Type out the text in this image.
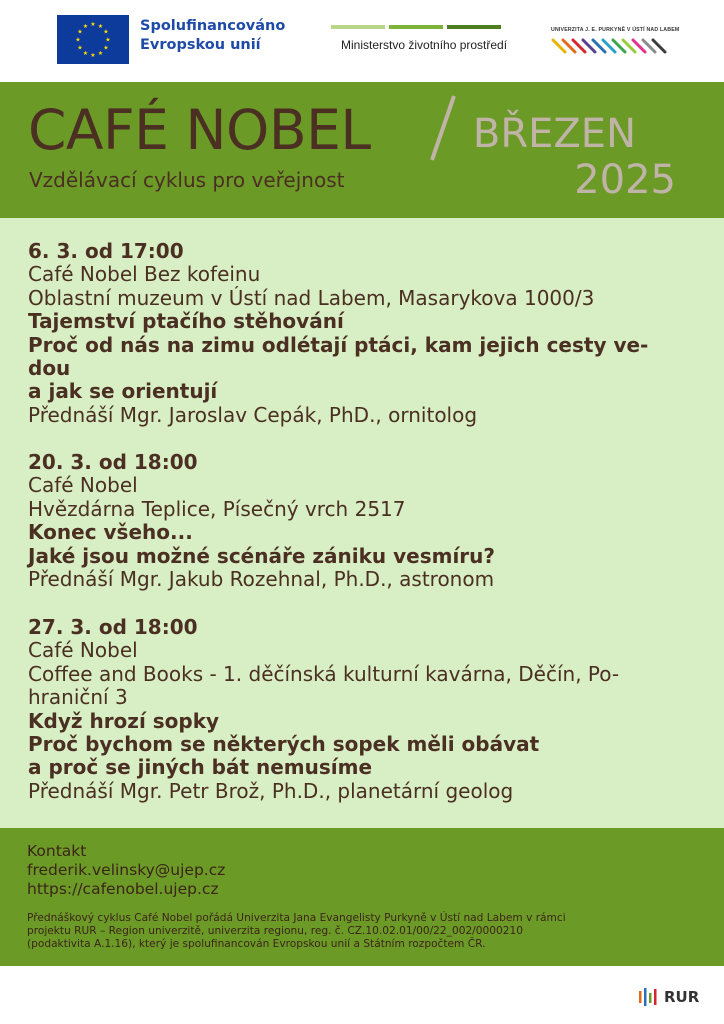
★ ★
★
★
★
★
★
★
★
★
★
★	Spolufinancováno
Evropskou unií	Ministerstvo životního prostředí
UNIVERZITA J. E. PURKYNĚ V ÚSTÍ NAD LABEM
CAFÉ NOBEL	BŘEZEN
2025
Vzdělávací cyklus pro veřejnost
6. 3. od 17:00
Café Nobel Bez kofeinu
Oblastní muzeum v Ústí nad Labem, Masarykova 1000/3
Tajemství ptačího stěhování
Proč od nás na zimu odlétají ptáci, kam jejich cesty ve-
dou
a jak se orientují
Přednáší Mgr. Jaroslav Cepák, PhD., ornitolog
20. 3. od 18:00
Café Nobel
Hvězdárna Teplice, Písečný vrch 2517
Konec všeho...
Jaké jsou možné scénáře zániku vesmíru?
Přednáší Mgr. Jakub Rozehnal, Ph.D., astronom
27. 3. od 18:00
Café Nobel
Coffee and Books - 1. děčínská kulturní kavárna, Děčín, Po-
hraniční 3
Když hrozí sopky
Proč bychom se některých sopek měli obávat
a proč se jiných bát nemusíme
Přednáší Mgr. Petr Brož, Ph.D., planetární geolog
Kontakt
frederik.velinsky@ujep.cz
https://cafenobel.ujep.cz
Přednáškový cyklus Café Nobel pořádá Univerzita Jana Evangelisty Purkyně v Ústí nad Labem v rámci
projektu RUR – Region univerzitě, univerzita regionu, reg. č. CZ.10.02.01/00/22_002/0000210
(podaktivita A.1.16), který je spolufinancován Evropskou unií a Státním rozpočtem ČR.
RUR
